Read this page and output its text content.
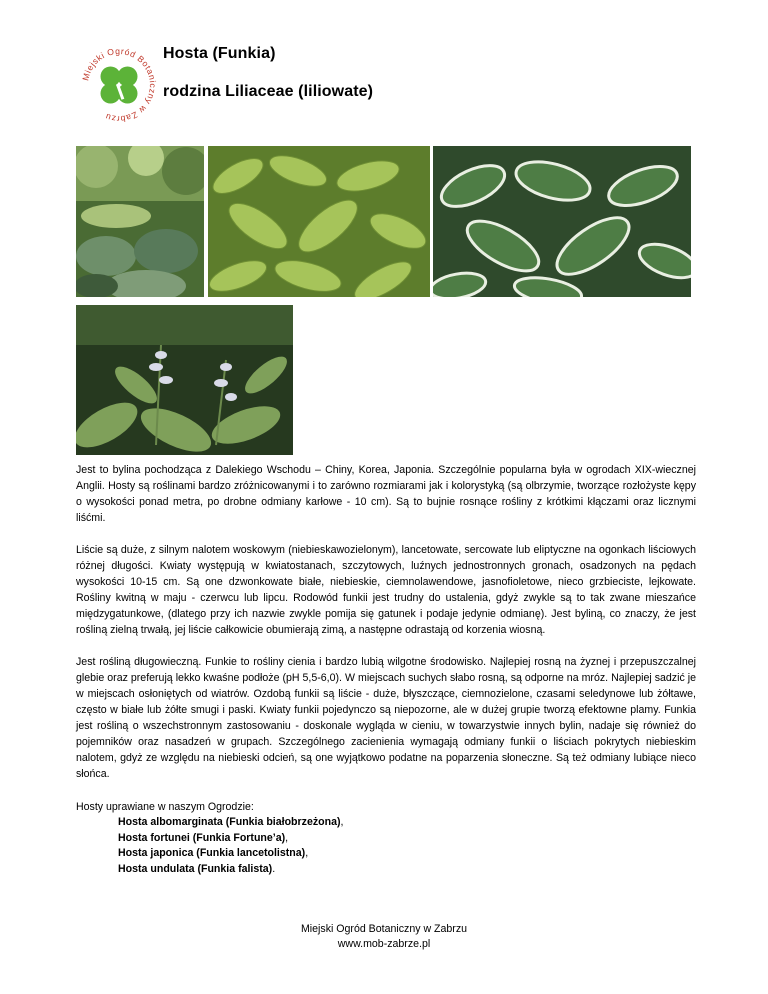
Miejski Ogród Botaniczny w Zabrzu
Hosta (Funkia)
rodzina Liliaceae (liliowate)

Jest to bylina pochodząca z Dalekiego Wschodu – Chiny, Korea, Japonia. Szczególnie popularna była w ogrodach XIX-wiecznej Anglii. Hosty są roślinami bardzo zróżnicowanymi i to zarówno rozmiarami jak i kolorystyką (są olbrzymie, tworzące rozłożyste kępy o wysokości ponad metra, po drobne odmiany karłowe - 10 cm). Są to bujnie rosnące rośliny z krótkimi kłączami oraz licznymi liśćmi.

Liście są duże, z silnym nalotem woskowym (niebieskawozielonym), lancetowate, sercowate lub eliptyczne na ogonkach liściowych różnej długości. Kwiaty występują w kwiatostanach, szczytowych, luźnych jednostronnych gronach, osadzonych na pędach wysokości 10-15 cm. Są one dzwonkowate białe, niebieskie, ciemnolawendowe, jasnofioletowe, nieco grzbieciste, lejkowate. Rośliny kwitną w maju - czerwcu lub lipcu. Rodowód funkii jest trudny do ustalenia, gdyż zwykle są to tak zwane mieszańce międzygatunkowe, (dlatego przy ich nazwie zwykle pomija się gatunek i podaje jedynie odmianę). Jest byliną, co znaczy, że jest rośliną zielną trwałą, jej liście całkowicie obumierają zimą, a następne odrastają od korzenia wiosną.

Jest rośliną długowieczną. Funkie to rośliny cienia i bardzo lubią wilgotne środowisko. Najlepiej rosną na żyznej i przepuszczalnej glebie oraz preferują lekko kwaśne podłoże (pH 5,5-6,0). W miejscach suchych słabo rosną, są odporne na mróz. Najlepiej sadzić je w miejscach osłoniętych od wiatrów. Ozdobą funkii są liście - duże, błyszczące, ciemnozielone, czasami seledynowe lub żółtawe, często w białe lub żółte smugi i paski. Kwiaty funkii pojedynczo są niepozorne, ale w dużej grupie tworzą efektowne plamy. Funkia jest rośliną o wszechstronnym zastosowaniu - doskonale wygląda w cieniu, w towarzystwie innych bylin, nadaje się również do pojemników oraz nasadzeń w grupach. Szczególnego zacienienia wymagają odmiany funkii o liściach pokrytych niebieskim nalotem, gdyż ze względu na niebieski odcień, są one wyjątkowo podatne na poparzenia słoneczne. Są też odmiany lubiące nieco słońca.

Hosty uprawiane w naszym Ogrodzie:
Hosta albomarginata (Funkia białobrzeżona),
Hosta fortunei (Funkia Fortune’a),
Hosta japonica (Funkia lancetolistna),
Hosta undulata (Funkia falista).
Miejski Ogród Botaniczny w Zabrzu
www.mob-zabrze.pl
